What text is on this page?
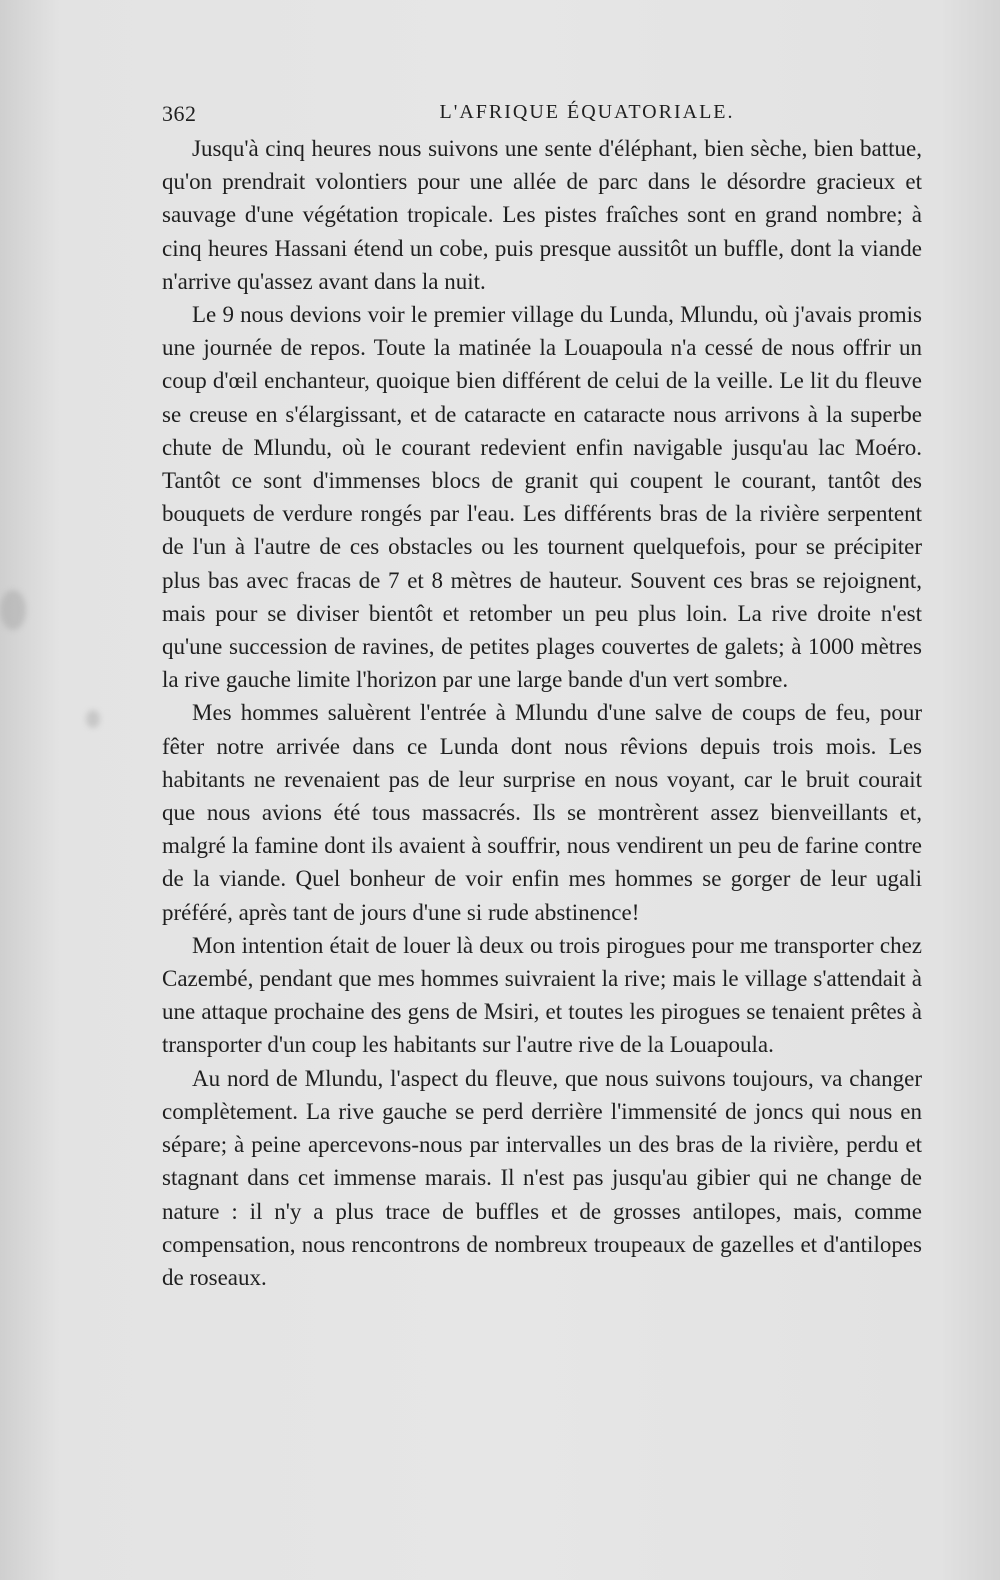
362	L'AFRIQUE ÉQUATORIALE.

Jusqu'à cinq heures nous suivons une sente d'éléphant, bien sèche, bien battue, qu'on prendrait volontiers pour une allée de parc dans le désordre gracieux et sauvage d'une végétation tropicale. Les pistes fraîches sont en grand nombre; à cinq heures Hassani étend un cobe, puis presque aussitôt un buffle, dont la viande n'arrive qu'assez avant dans la nuit.

Le 9 nous devions voir le premier village du Lunda, Mlundu, où j'avais promis une journée de repos. Toute la matinée la Louapoula n'a cessé de nous offrir un coup d'œil enchanteur, quoique bien différent de celui de la veille. Le lit du fleuve se creuse en s'élargissant, et de cataracte en cataracte nous arrivons à la superbe chute de Mlundu, où le courant redevient enfin navigable jusqu'au lac Moéro. Tantôt ce sont d'immenses blocs de granit qui coupent le courant, tantôt des bouquets de verdure rongés par l'eau. Les différents bras de la rivière serpentent de l'un à l'autre de ces obstacles ou les tournent quelquefois, pour se précipiter plus bas avec fracas de 7 et 8 mètres de hauteur. Souvent ces bras se rejoignent, mais pour se diviser bientôt et retomber un peu plus loin. La rive droite n'est qu'une succession de ravines, de petites plages couvertes de galets; à 1000 mètres la rive gauche limite l'horizon par une large bande d'un vert sombre.

Mes hommes saluèrent l'entrée à Mlundu d'une salve de coups de feu, pour fêter notre arrivée dans ce Lunda dont nous rêvions depuis trois mois. Les habitants ne revenaient pas de leur surprise en nous voyant, car le bruit courait que nous avions été tous massacrés. Ils se montrèrent assez bienveillants et, malgré la famine dont ils avaient à souffrir, nous vendirent un peu de farine contre de la viande. Quel bonheur de voir enfin mes hommes se gorger de leur ugali préféré, après tant de jours d'une si rude abstinence!

Mon intention était de louer là deux ou trois pirogues pour me transporter chez Cazembé, pendant que mes hommes suivraient la rive; mais le village s'attendait à une attaque prochaine des gens de Msiri, et toutes les pirogues se tenaient prêtes à transporter d'un coup les habitants sur l'autre rive de la Louapoula.

Au nord de Mlundu, l'aspect du fleuve, que nous suivons toujours, va changer complètement. La rive gauche se perd derrière l'immensité de joncs qui nous en sépare; à peine apercevons-nous par intervalles un des bras de la rivière, perdu et stagnant dans cet immense marais. Il n'est pas jusqu'au gibier qui ne change de nature : il n'y a plus trace de buffles et de grosses antilopes, mais, comme compensation, nous rencontrons de nombreux troupeaux de gazelles et d'antilopes de roseaux.
